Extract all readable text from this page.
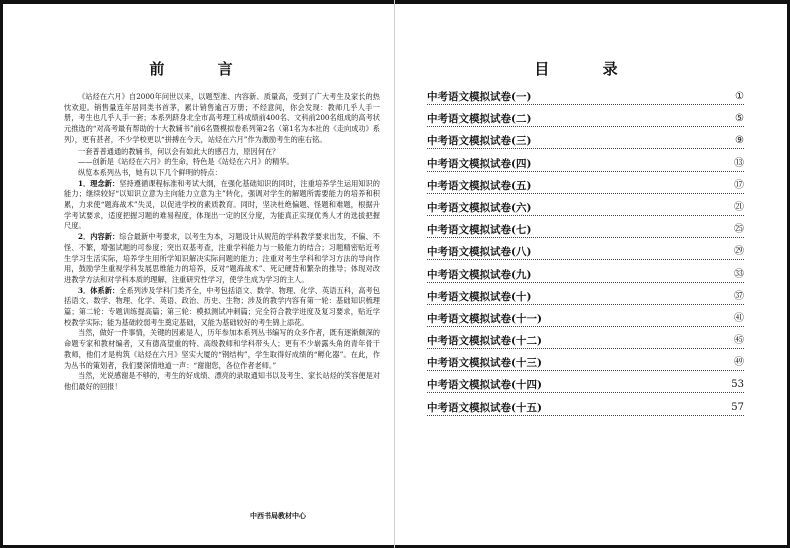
前 言

《站烃在六月》自2000年问世以来，以题型准、内容新、质量高，受到了广大考生及家长的热忱欢迎。销售量连年居同类书首茅，累计销售逾百万册；不经意间，你会发现：教师几乎人手一册，考生也几乎人手一套；本系列跻身北全市高考理工科成绩前400名、文科前200名组成的高考状元推选的“对高考最有帮助的十大教辅书”前6名暨模拟卷系列第2名（第1名为本社的《走向成功》系列），更有甚者，不少学校更以“拼搏在今天，站烃在六月”作为激励考生的座右铭。

一套普普通通的教辅书，何以会有如此大的感召力，原因何在？

——创新是《站烃在六月》的生命，特色是《站烃在六月》的精华。

纵览本系列丛书，她有以下几个鲜明的特点：

1．理念新：坚持遵循课程标准和考试大纲，在强化基础知识的同时，注重培养学生运用知识的能力；继续较好“以知识立意为主向能力立意为主”转化，强调对学生的解题所需要能力的培养和积累，力求使“题海战术”失灵，以促进学校的素质教育。同时，坚决杜绝偏题、怪题和难题，根据升学考试要求，适度把握习题的难易程度，体现出一定的区分度，为能真正实现优秀人才的选拔把握尺度。

2．内容新：综合最新中考要求，以考生为本，习题设计从规范的学科教学要求出发，不偏、不怪、不繁，增强试题的可参度；突出双基考查，注重学科能力与一般能力的结合；习题精密贴近考生学习生活实际，培养学生用所学知识解决实际问题的能力；注重对考生学科和学习方法的导向作用，鼓励学生重视学科发展思维能力的培养，反对“题海战术”、死记硬背和繁杂的推导；体现对改进教学方法和对学科本质的理解，注重研究性学习，使学生成为学习的主人。

3．体系新：全系列涉及学科门类齐全，中考包括语文、数学、物理、化学、英语五科，高考包括语文、数学、物理、化学、英语、政治、历史、生物；涉及的教学内容有第一轮：基础知识梳理篇；第二轮：专题训练提高篇；第三轮：模拟测试冲刺篇；完全符合教学进度及复习要求，贴近学校教学实际；能为基础较弱考生奠定基础，又能为基础较好的考生锦上添花。

当然，做好一件事情，关键的因素是人，历年参加本系列丛书编写的众多作者，既有逐渐颇深的命题专家和教材编者，又有德高望重的特、高级教师和学科带头人；更有不少崭露头角的青年骨干教师，他们才是构筑《站烃在六月》坚实大厦的“钢结构”，学生取得好成绩的“孵化器”。在此，作为丛书的策划者，我们要深情地道一声：“谢谢您，各位作者老师。”

当然，光说感谢是不够的，考生的好成绩、漂亮的录取通知书以及考生、家长站烃的笑容便是对他们最好的回报！

中西书局教材中心
目 录
中考语文模拟试卷(一)	①
中考语文模拟试卷(二)	⑤
中考语文模拟试卷(三)	⑨
中考语文模拟试卷(四)	⑬
中考语文模拟试卷(五)	⑰
中考语文模拟试卷(六)	㉑
中考语文模拟试卷(七)	㉕
中考语文模拟试卷(八)	㉙
中考语文模拟试卷(九)	㉝
中考语文模拟试卷(十)	㊲
中考语文模拟试卷(十一)	㊶
中考语文模拟试卷(十二)	㊺
中考语文模拟试卷(十三)	㊾
中考语文模拟试卷(十四)	53
中考语文模拟试卷(十五)	57
